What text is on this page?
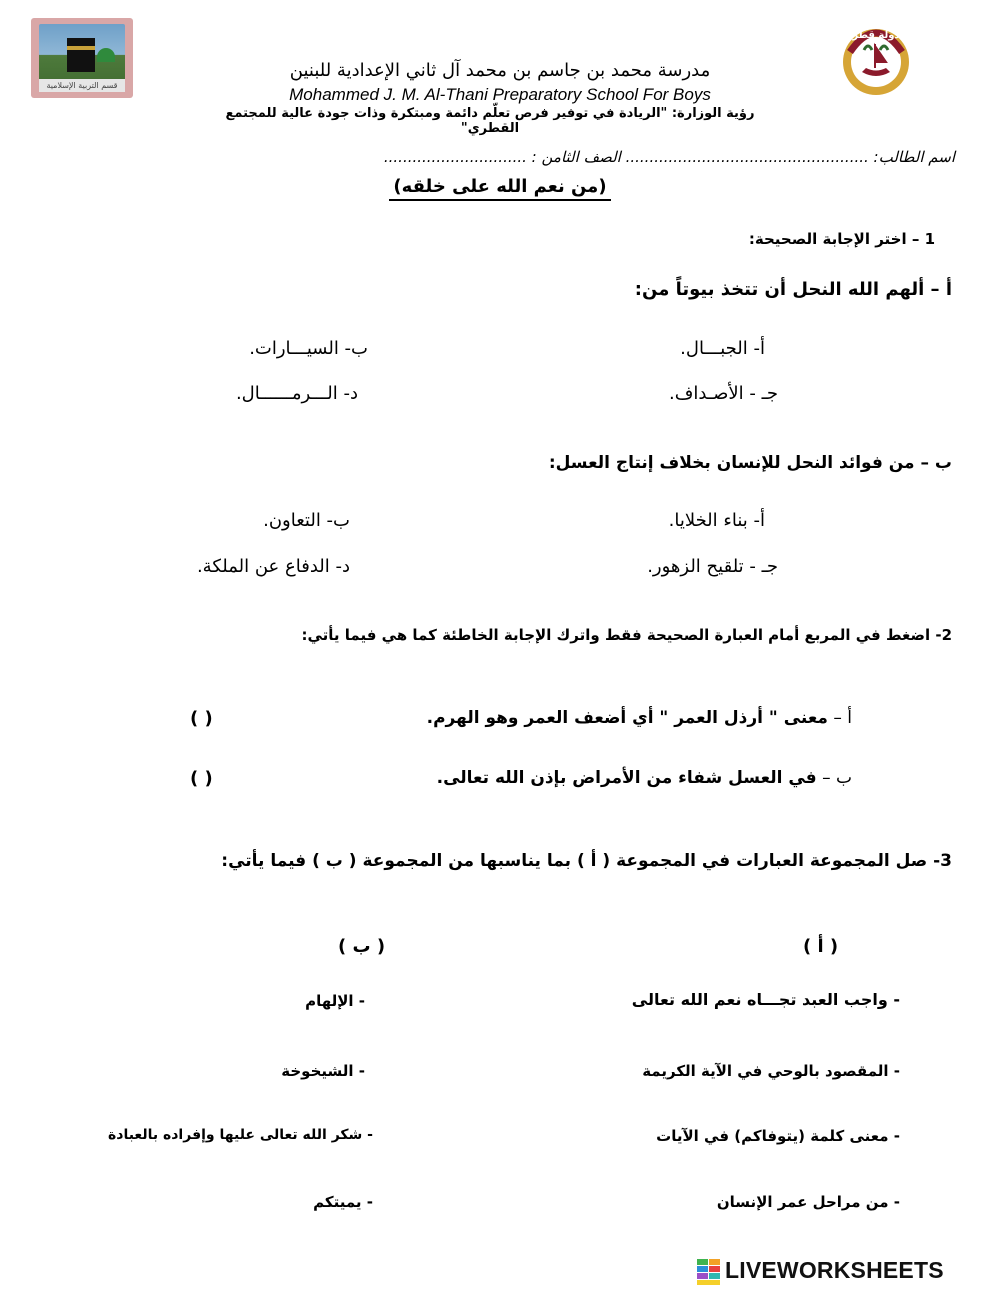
قسم التربية الإسلامية
دولة قطر
مدرسة محمد بن جاسم بن محمد آل ثاني الإعدادية للبنين
Mohammed J. M. Al-Thani Preparatory School For Boys
رؤية الوزارة: "الريادة في توفير فرص تعلّم دائمة ومبتكرة وذات جودة عالية للمجتمع القطري"
اسم الطالب: ................................................... الصف الثامن : ..............................
(من نعم الله على خلقه)
1 – اختر الإجابة الصحيحة:
أ – ألهم الله النحل أن تتخذ بيوتاً من:
أ- الجبـــال.
ب- السيـــارات.
جـ - الأصـداف.
د- الـــرمــــــال.
ب – من فوائد النحل للإنسان بخلاف إنتاج العسل:
أ- بناء الخلايا.
ب- التعاون.
جـ - تلقيح الزهور.
د- الدفاع عن الملكة.
2- اضغط في المربع أمام العبارة الصحيحة فقط واترك الإجابة الخاطئة كما هي فيما يأتي:
أ – معنى " أرذل العمر " أي أضعف العمر وهو الهرم.
( )
ب – في العسل شفاء من الأمراض بإذن الله تعالى.
( )
3- صل المجموعة العبارات في المجموعة ( أ ) بما يناسبها من المجموعة ( ب ) فيما يأتي:
( أ )
( ب )
- واجب العبد تجـــاه نعم الله تعالى
- المقصود بالوحي في الآية الكريمة
- معنى كلمة (يتوفاكم) في الآيات
- من مراحل عمر الإنسان
- الإلهام
- الشيخوخة
- شكر الله تعالى عليها وإفراده بالعبادة
- يميتكم
LIVEWORKSHEETS
